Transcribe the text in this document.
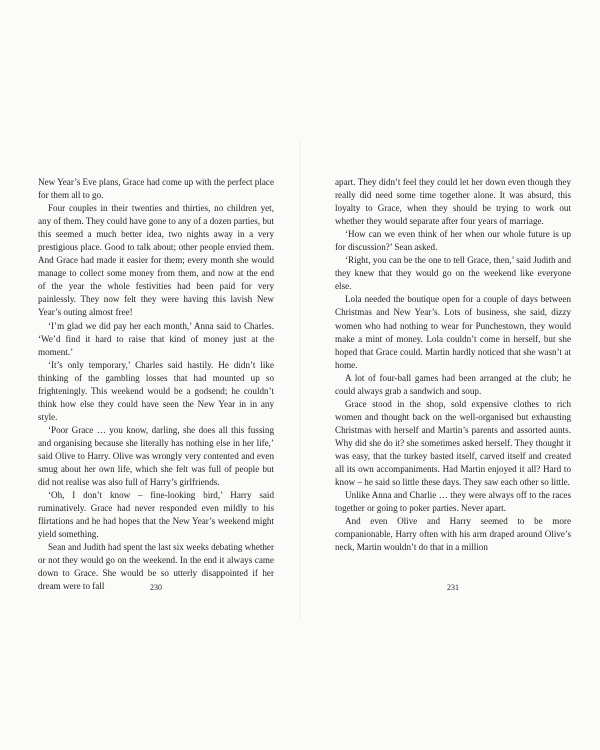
New Year’s Eve plans, Grace had come up with the perfect place for them all to go.

Four couples in their twenties and thirties, no children yet, any of them. They could have gone to any of a dozen parties, but this seemed a much better idea, two nights away in a very prestigious place. Good to talk about; other people envied them. And Grace had made it easier for them; every month she would manage to collect some money from them, and now at the end of the year the whole festivities had been paid for very painlessly. They now felt they were having this lavish New Year’s outing almost free!

‘I’m glad we did pay her each month,’ Anna said to Charles. ‘We’d find it hard to raise that kind of money just at the moment.’

‘It’s only temporary,’ Charles said hastily. He didn’t like thinking of the gambling losses that had mounted up so frighteningly. This weekend would be a godsend; he couldn’t think how else they could have seen the New Year in in any style.

‘Poor Grace … you know, darling, she does all this fussing and organising because she literally has nothing else in her life,’ said Olive to Harry. Olive was wrongly very contented and even smug about her own life, which she felt was full of people but did not realise was also full of Harry’s girlfriends.

‘Oh, I don’t know – fine-looking bird,’ Harry said ruminatively. Grace had never responded even mildly to his flirtations and he had hopes that the New Year’s weekend might yield something.

Sean and Judith had spent the last six weeks debating whether or not they would go on the weekend. In the end it always came down to Grace. She would be so utterly disappointed if her dream were to fall	230

apart. They didn’t feel they could let her down even though they really did need some time together alone. It was absurd, this loyalty to Grace, when they should be trying to work out whether they would separate after four years of marriage.

‘How can we even think of her when our whole future is up for discussion?’ Sean asked.

‘Right, you can be the one to tell Grace, then,’ said Judith and they knew that they would go on the weekend like everyone else.

Lola needed the boutique open for a couple of days between Christmas and New Year’s. Lots of business, she said, dizzy women who had nothing to wear for Punchestown, they would make a mint of money. Lola couldn’t come in herself, but she hoped that Grace could. Martin hardly noticed that she wasn’t at home.

A lot of four-ball games had been arranged at the club; he could always grab a sandwich and soup.

Grace stood in the shop, sold expensive clothes to rich women and thought back on the well-organised but exhausting Christmas with herself and Martin’s parents and assorted aunts. Why did she do it? she sometimes asked herself. They thought it was easy, that the turkey basted itself, carved itself and created all its own accompaniments. Had Martin enjoyed it all? Hard to know – he said so little these days. They saw each other so little.

Unlike Anna and Charlie … they were always off to the races together or going to poker parties. Never apart.

And even Olive and Harry seemed to be more companionable, Harry often with his arm draped around Olive’s neck, Martin wouldn’t do that in a million

231
